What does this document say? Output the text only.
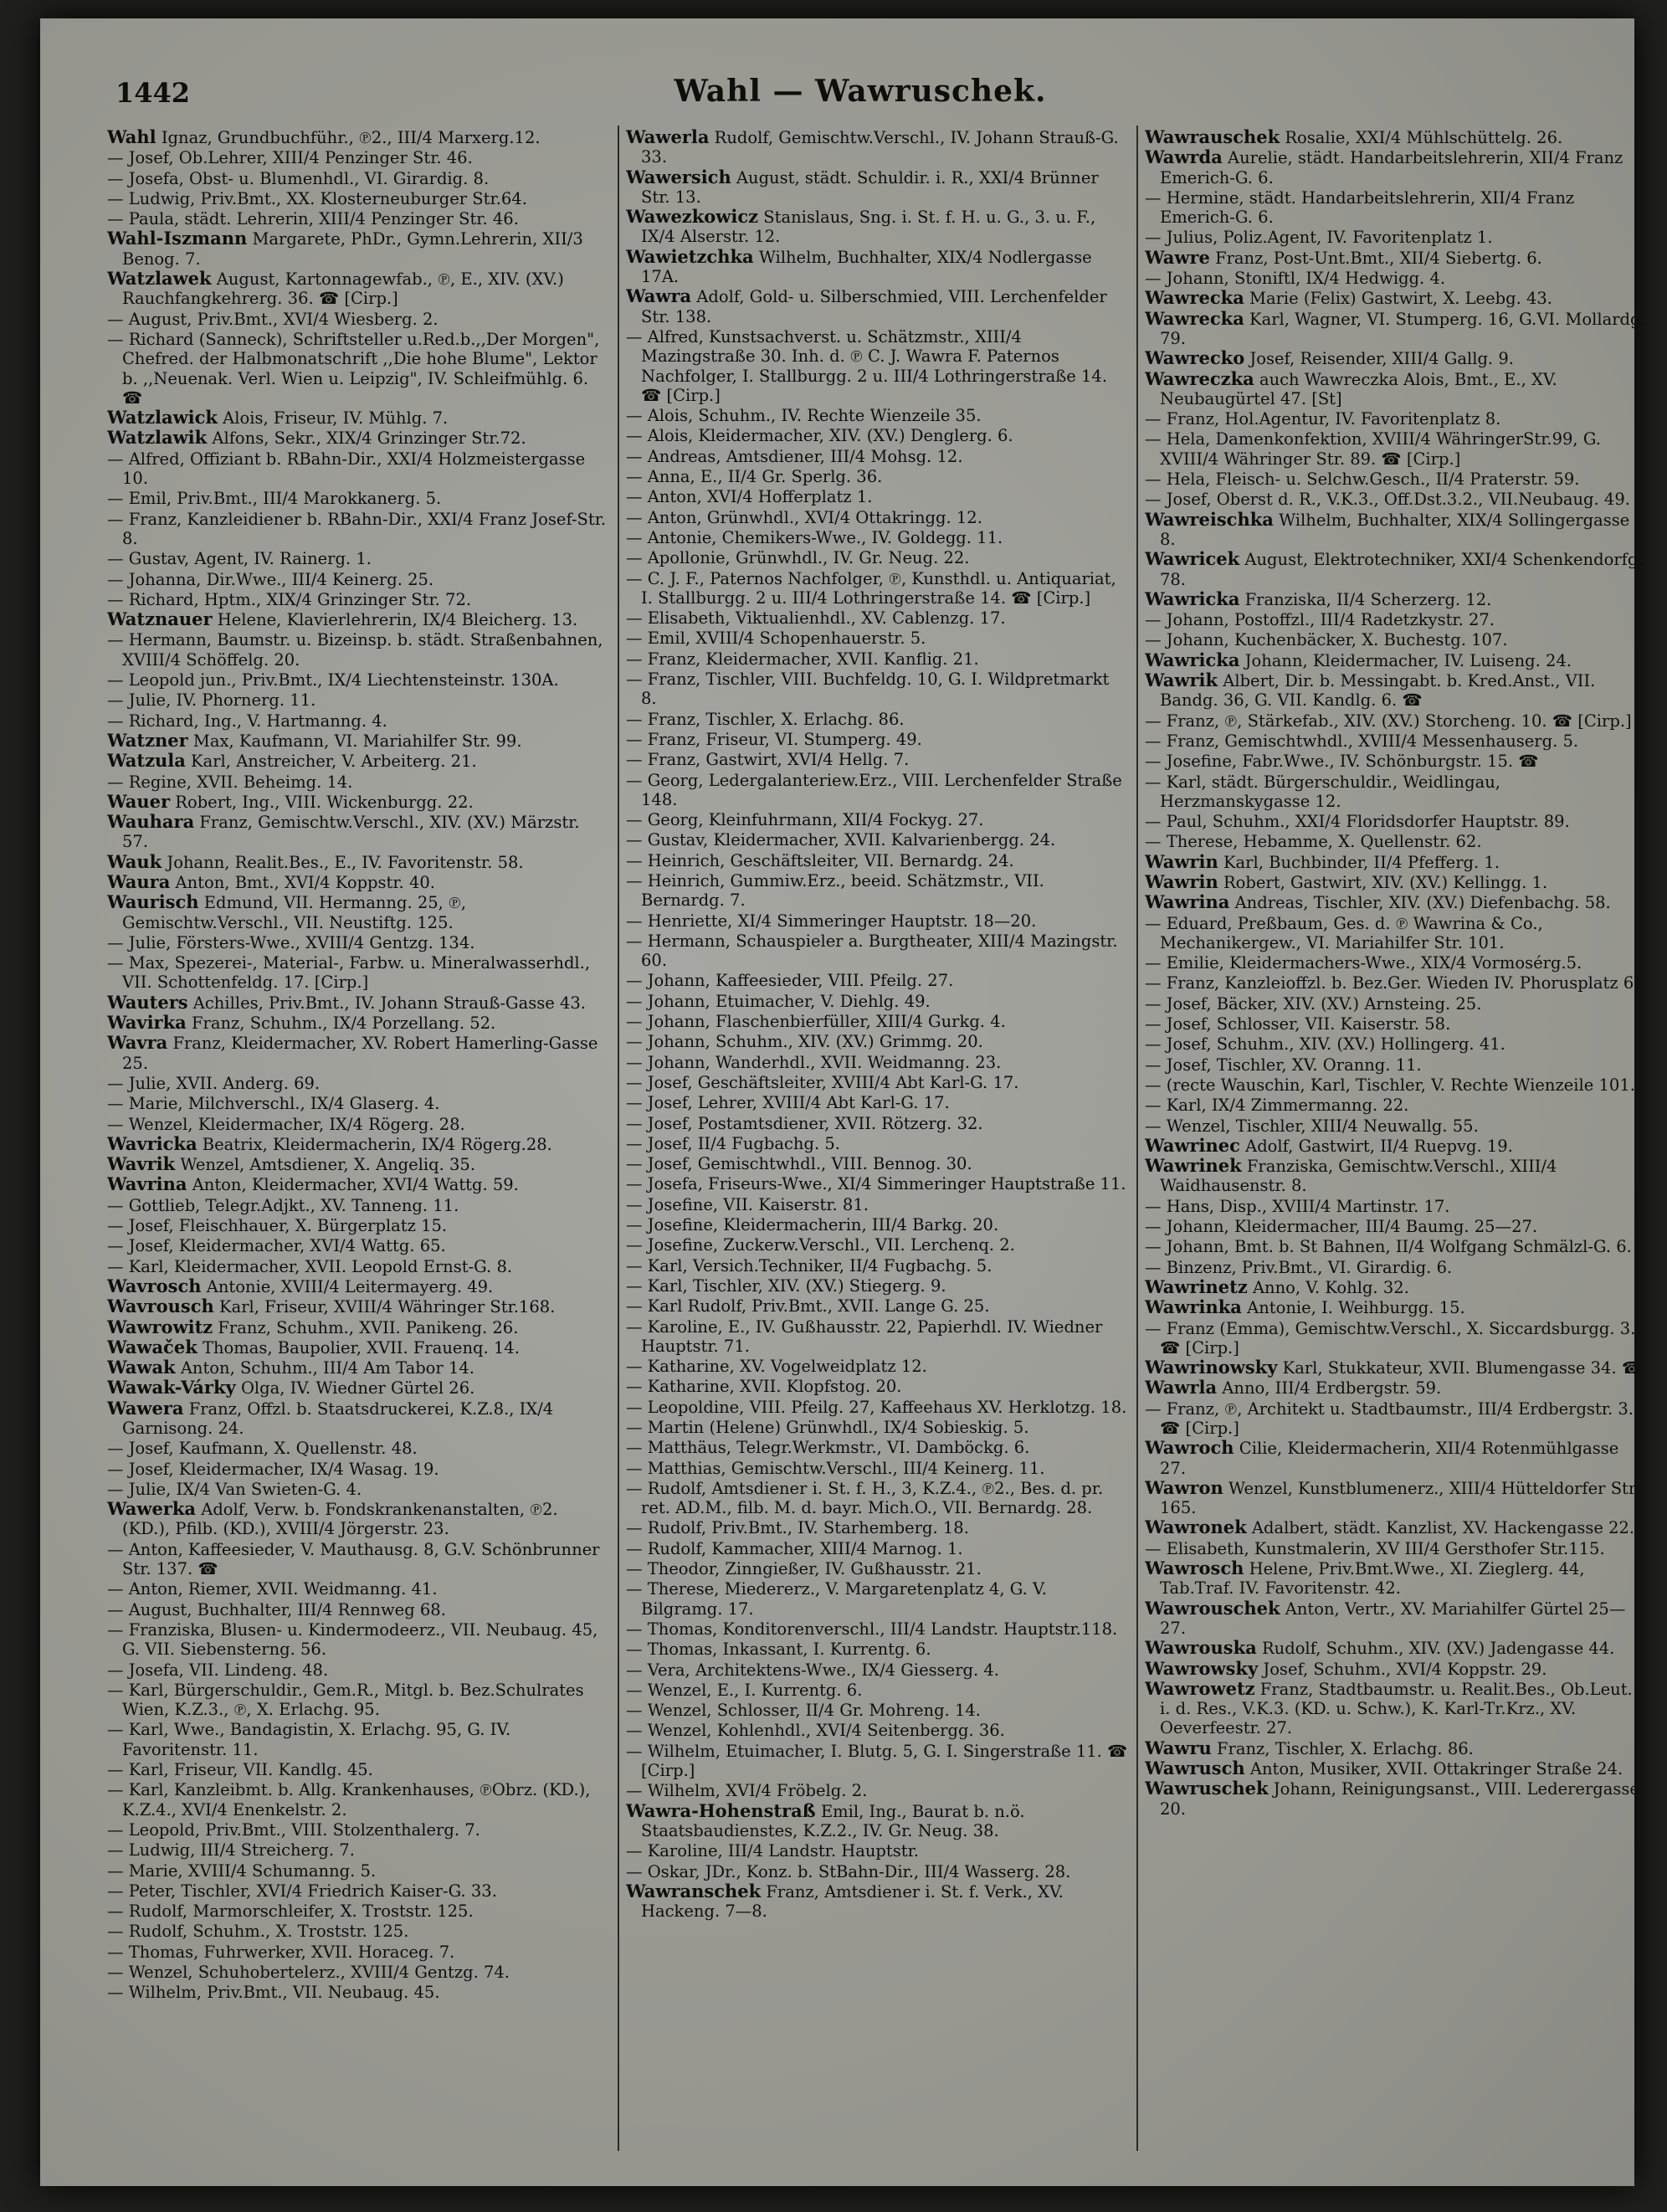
1442	Wahl — Wawruschek.

Wahl Ignaz, Grundbuchführ., ℗2., III/4 Marxerg.12.

— Josef, Ob.Lehrer, XIII/4 Penzinger Str. 46.

— Josefa, Obst- u. Blumenhdl., VI. Girardig. 8.

— Ludwig, Priv.Bmt., XX. Klosterneuburger Str.64.

— Paula, städt. Lehrerin, XIII/4 Penzinger Str. 46.

Wahl-Iszmann Margarete, PhDr., Gymn.Lehrerin, XII/3 Benog. 7.

Watzlawek August, Kartonnagewfab., ℗, E., XIV. (XV.) Rauchfangkehrerg. 36. ☎ [Cirp.]

— August, Priv.Bmt., XVI/4 Wiesberg. 2.

— Richard (Sanneck), Schriftsteller u.Red.b.,,Der Morgen", Chefred. der Halbmonatschrift ,,Die hohe Blume", Lektor b. ,,Neuenak. Verl. Wien u. Leipzig", IV. Schleifmühlg. 6. ☎

Watzlawick Alois, Friseur, IV. Mühlg. 7.

Watzlawik Alfons, Sekr., XIX/4 Grinzinger Str.72.

— Alfred, Offiziant b. RBahn-Dir., XXI/4 Holzmeistergasse 10.

— Emil, Priv.Bmt., III/4 Marokkanerg. 5.

— Franz, Kanzleidiener b. RBahn-Dir., XXI/4 Franz Josef-Str. 8.

— Gustav, Agent, IV. Rainerg. 1.

— Johanna, Dir.Wwe., III/4 Keinerg. 25.

— Richard, Hptm., XIX/4 Grinzinger Str. 72.

Watznauer Helene, Klavierlehrerin, IX/4 Bleicherg. 13.

— Hermann, Baumstr. u. Bizeinsp. b. städt. Straßenbahnen, XVIII/4 Schöffelg. 20.

— Leopold jun., Priv.Bmt., IX/4 Liechtensteinstr. 130A.

— Julie, IV. Phornerg. 11.

— Richard, Ing., V. Hartmanng. 4.

Watzner Max, Kaufmann, VI. Mariahilfer Str. 99.

Watzula Karl, Anstreicher, V. Arbeiterg. 21.

— Regine, XVII. Beheimg. 14.

Wauer Robert, Ing., VIII. Wickenburgg. 22.

Wauhara Franz, Gemischtw.Verschl., XIV. (XV.) Märzstr. 57.

Wauk Johann, Realit.Bes., E., IV. Favoritenstr. 58.

Waura Anton, Bmt., XVI/4 Koppstr. 40.

Waurisch Edmund, VII. Hermanng. 25, ℗, Gemischtw.Verschl., VII. Neustiftg. 125.

— Julie, Försters-Wwe., XVIII/4 Gentzg. 134.

— Max, Spezerei-, Material-, Farbw. u. Mineralwasserhdl., VII. Schottenfeldg. 17. [Cirp.]

Wauters Achilles, Priv.Bmt., IV. Johann Strauß-Gasse 43.

Wavirka Franz, Schuhm., IX/4 Porzellang. 52.

Wavra Franz, Kleidermacher, XV. Robert Hamerling-Gasse 25.

— Julie, XVII. Anderg. 69.

— Marie, Milchverschl., IX/4 Glaserg. 4.

— Wenzel, Kleidermacher, IX/4 Rögerg. 28.

Wavricka Beatrix, Kleidermacherin, IX/4 Rögerg.28.

Wavrik Wenzel, Amtsdiener, X. Angeliq. 35.

Wavrina Anton, Kleidermacher, XVI/4 Wattg. 59.

— Gottlieb, Telegr.Adjkt., XV. Tanneng. 11.

— Josef, Fleischhauer, X. Bürgerplatz 15.

— Josef, Kleidermacher, XVI/4 Wattg. 65.

— Karl, Kleidermacher, XVII. Leopold Ernst-G. 8.

Wavrosch Antonie, XVIII/4 Leitermayerg. 49.

Wavrousch Karl, Friseur, XVIII/4 Währinger Str.168.

Wawrowitz Franz, Schuhm., XVII. Panikeng. 26.

Wawaček Thomas, Baupolier, XVII. Frauenq. 14.

Wawak Anton, Schuhm., III/4 Am Tabor 14.

Wawak-Várky Olga, IV. Wiedner Gürtel 26.

Wawera Franz, Offzl. b. Staatsdruckerei, K.Z.8., IX/4 Garnisong. 24.

— Josef, Kaufmann, X. Quellenstr. 48.

— Josef, Kleidermacher, IX/4 Wasag. 19.

— Julie, IX/4 Van Swieten-G. 4.

Wawerka Adolf, Verw. b. Fondskrankenanstalten, ℗2. (KD.), Pfilb. (KD.), XVIII/4 Jörgerstr. 23.

— Anton, Kaffeesieder, V. Mauthausg. 8, G.V. Schönbrunner Str. 137. ☎

— Anton, Riemer, XVII. Weidmanng. 41.

— August, Buchhalter, III/4 Rennweg 68.

— Franziska, Blusen- u. Kindermodeerz., VII. Neubaug. 45, G. VII. Siebensterng. 56.

— Josefa, VII. Lindeng. 48.

— Karl, Bürgerschuldir., Gem.R., Mitgl. b. Bez.Schulrates Wien, K.Z.3., ℗, X. Erlachg. 95.

— Karl, Wwe., Bandagistin, X. Erlachg. 95, G. IV. Favoritenstr. 11.

— Karl, Friseur, VII. Kandlg. 45.

— Karl, Kanzleibmt. b. Allg. Krankenhauses, ℗Obrz. (KD.), K.Z.4., XVI/4 Enenkelstr. 2.

— Leopold, Priv.Bmt., VIII. Stolzenthalerg. 7.

— Ludwig, III/4 Streicherg. 7.

— Marie, XVIII/4 Schumanng. 5.

— Peter, Tischler, XVI/4 Friedrich Kaiser-G. 33.

— Rudolf, Marmorschleifer, X. Troststr. 125.

— Rudolf, Schuhm., X. Troststr. 125.

— Thomas, Fuhrwerker, XVII. Horaceg. 7.

— Wenzel, Schuhobertelerz., XVIII/4 Gentzg. 74.

— Wilhelm, Priv.Bmt., VII. Neubaug. 45.

Wawerla Rudolf, Gemischtw.Verschl., IV. Johann Strauß-G. 33.

Wawersich August, städt. Schuldir. i. R., XXI/4 Brünner Str. 13.

Wawezkowicz Stanislaus, Sng. i. St. f. H. u. G., 3. u. F., IX/4 Alserstr. 12.

Wawietzchka Wilhelm, Buchhalter, XIX/4 Nodlergasse 17A.

Wawra Adolf, Gold- u. Silberschmied, VIII. Lerchenfelder Str. 138.

— Alfred, Kunstsachverst. u. Schätzmstr., XIII/4 Mazingstraße 30. Inh. d. ℗ C. J. Wawra F. Paternos Nachfolger, I. Stallburgg. 2 u. III/4 Lothringerstraße 14. ☎ [Cirp.]

— Alois, Schuhm., IV. Rechte Wienzeile 35.

— Alois, Kleidermacher, XIV. (XV.) Denglerg. 6.

— Andreas, Amtsdiener, III/4 Mohsg. 12.

— Anna, E., II/4 Gr. Sperlg. 36.

— Anton, XVI/4 Hofferplatz 1.

— Anton, Grünwhdl., XVI/4 Ottakringg. 12.

— Antonie, Chemikers-Wwe., IV. Goldegg. 11.

— Apollonie, Grünwhdl., IV. Gr. Neug. 22.

— C. J. F., Paternos Nachfolger, ℗, Kunsthdl. u. Antiquariat, I. Stallburgg. 2 u. III/4 Lothringerstraße 14. ☎ [Cirp.]

— Elisabeth, Viktualienhdl., XV. Cablenzg. 17.

— Emil, XVIII/4 Schopenhauerstr. 5.

— Franz, Kleidermacher, XVII. Kanflig. 21.

— Franz, Tischler, VIII. Buchfeldg. 10, G. I. Wildpretmarkt 8.

— Franz, Tischler, X. Erlachg. 86.

— Franz, Friseur, VI. Stumperg. 49.

— Franz, Gastwirt, XVI/4 Hellg. 7.

— Georg, Ledergalanteriew.Erz., VIII. Lerchenfelder Straße 148.

— Georg, Kleinfuhrmann, XII/4 Fockyg. 27.

— Gustav, Kleidermacher, XVII. Kalvarienbergg. 24.

— Heinrich, Geschäftsleiter, VII. Bernardg. 24.

— Heinrich, Gummiw.Erz., beeid. Schätzmstr., VII. Bernardg. 7.

— Henriette, XI/4 Simmeringer Hauptstr. 18—20.

— Hermann, Schauspieler a. Burgtheater, XIII/4 Mazingstr. 60.

— Johann, Kaffeesieder, VIII. Pfeilg. 27.

— Johann, Etuimacher, V. Diehlg. 49.

— Johann, Flaschenbierfüller, XIII/4 Gurkg. 4.

— Johann, Schuhm., XIV. (XV.) Grimmg. 20.

— Johann, Wanderhdl., XVII. Weidmanng. 23.

— Josef, Geschäftsleiter, XVIII/4 Abt Karl-G. 17.

— Josef, Lehrer, XVIII/4 Abt Karl-G. 17.

— Josef, Postamtsdiener, XVII. Rötzerg. 32.

— Josef, II/4 Fugbachg. 5.

— Josef, Gemischtwhdl., VIII. Bennog. 30.

— Josefa, Friseurs-Wwe., XI/4 Simmeringer Hauptstraße 11.

— Josefine, VII. Kaiserstr. 81.

— Josefine, Kleidermacherin, III/4 Barkg. 20.

— Josefine, Zuckerw.Verschl., VII. Lerchenq. 2.

— Karl, Versich.Techniker, II/4 Fugbachg. 5.

— Karl, Tischler, XIV. (XV.) Stiegerg. 9.

— Karl Rudolf, Priv.Bmt., XVII. Lange G. 25.

— Karoline, E., IV. Gußhausstr. 22, Papierhdl. IV. Wiedner Hauptstr. 71.

— Katharine, XV. Vogelweidplatz 12.

— Katharine, XVII. Klopfstog. 20.

— Leopoldine, VIII. Pfeilg. 27, Kaffeehaus XV. Herklotzg. 18.

— Martin (Helene) Grünwhdl., IX/4 Sobieskig. 5.

— Matthäus, Telegr.Werkmstr., VI. Damböckg. 6.

— Matthias, Gemischtw.Verschl., III/4 Keinerg. 11.

— Rudolf, Amtsdiener i. St. f. H., 3, K.Z.4., ℗2., Bes. d. pr. ret. AD.M., filb. M. d. bayr. Mich.O., VII. Bernardg. 28.

— Rudolf, Priv.Bmt., IV. Starhemberg. 18.

— Rudolf, Kammacher, XIII/4 Marnog. 1.

— Theodor, Zinngießer, IV. Gußhausstr. 21.

— Therese, Miedererz., V. Margaretenplatz 4, G. V. Bilgramg. 17.

— Thomas, Konditorenverschl., III/4 Landstr. Hauptstr.118.

— Thomas, Inkassant, I. Kurrentg. 6.

— Vera, Architektens-Wwe., IX/4 Giesserg. 4.

— Wenzel, E., I. Kurrentg. 6.

— Wenzel, Schlosser, II/4 Gr. Mohreng. 14.

— Wenzel, Kohlenhdl., XVI/4 Seitenbergg. 36.

— Wilhelm, Etuimacher, I. Blutg. 5, G. I. Singerstraße 11. ☎ [Cirp.]

— Wilhelm, XVI/4 Fröbelg. 2.

Wawra-Hohenstraß Emil, Ing., Baurat b. n.ö. Staatsbaudienstes, K.Z.2., IV. Gr. Neug. 38.

— Karoline, III/4 Landstr. Hauptstr.

— Oskar, JDr., Konz. b. StBahn-Dir., III/4 Wasserg. 28.

Wawranschek Franz, Amtsdiener i. St. f. Verk., XV. Hackeng. 7—8.

Wawrauschek Rosalie, XXI/4 Mühlschüttelg. 26.

Wawrda Aurelie, städt. Handarbeitslehrerin, XII/4 Franz Emerich-G. 6.

— Hermine, städt. Handarbeitslehrerin, XII/4 Franz Emerich-G. 6.

— Julius, Poliz.Agent, IV. Favoritenplatz 1.

Wawre Franz, Post-Unt.Bmt., XII/4 Siebertg. 6.

— Johann, Stoniftl, IX/4 Hedwigg. 4.

Wawrecka Marie (Felix) Gastwirt, X. Leebg. 43.

Wawrecka Karl, Wagner, VI. Stumperg. 16, G.VI. Mollardg. 79.

Wawrecko Josef, Reisender, XIII/4 Gallg. 9.

Wawreczka auch Wawreczka Alois, Bmt., E., XV. Neubaugürtel 47. [St]

— Franz, Hol.Agentur, IV. Favoritenplatz 8.

— Hela, Damenkonfektion, XVIII/4 WähringerStr.99, G. XVIII/4 Währinger Str. 89. ☎ [Cirp.]

— Hela, Fleisch- u. Selchw.Gesch., II/4 Praterstr. 59.

— Josef, Oberst d. R., V.K.3., Off.Dst.3.2., VII.Neubaug. 49.

Wawreischka Wilhelm, Buchhalter, XIX/4 Sollingergasse 8.

Wawricek August, Elektrotechniker, XXI/4 Schenkendorfg. 78.

Wawricka Franziska, II/4 Scherzerg. 12.

— Johann, Postoffzl., III/4 Radetzkystr. 27.

— Johann, Kuchenbäcker, X. Buchestg. 107.

Wawricka Johann, Kleidermacher, IV. Luiseng. 24.

Wawrik Albert, Dir. b. Messingabt. b. Kred.Anst., VII. Bandg. 36, G. VII. Kandlg. 6. ☎

— Franz, ℗, Stärkefab., XIV. (XV.) Storcheng. 10. ☎ [Cirp.]

— Franz, Gemischtwhdl., XVIII/4 Messenhauserg. 5.

— Josefine, Fabr.Wwe., IV. Schönburgstr. 15. ☎

— Karl, städt. Bürgerschuldir., Weidlingau, Herzmanskygasse 12.

— Paul, Schuhm., XXI/4 Floridsdorfer Hauptstr. 89.

— Therese, Hebamme, X. Quellenstr. 62.

Wawrin Karl, Buchbinder, II/4 Pfefferg. 1.

Wawrin Robert, Gastwirt, XIV. (XV.) Kellingg. 1.

Wawrina Andreas, Tischler, XIV. (XV.) Diefenbachg. 58.

— Eduard, Preßbaum, Ges. d. ℗ Wawrina & Co., Mechanikergew., VI. Mariahilfer Str. 101.

— Emilie, Kleidermachers-Wwe., XIX/4 Vormosérg.5.

— Franz, Kanzleioffzl. b. Bez.Ger. Wieden IV. Phorusplatz 6.

— Josef, Bäcker, XIV. (XV.) Arnsteing. 25.

— Josef, Schlosser, VII. Kaiserstr. 58.

— Josef, Schuhm., XIV. (XV.) Hollingerg. 41.

— Josef, Tischler, XV. Oranng. 11.

— (recte Wauschin, Karl, Tischler, V. Rechte Wienzeile 101.

— Karl, IX/4 Zimmermanng. 22.

— Wenzel, Tischler, XIII/4 Neuwallg. 55.

Wawrinec Adolf, Gastwirt, II/4 Ruepvg. 19.

Wawrinek Franziska, Gemischtw.Verschl., XIII/4 Waidhausenstr. 8.

— Hans, Disp., XVIII/4 Martinstr. 17.

— Johann, Kleidermacher, III/4 Baumg. 25—27.

— Johann, Bmt. b. St Bahnen, II/4 Wolfgang Schmälzl-G. 6.

— Binzenz, Priv.Bmt., VI. Girardig. 6.

Wawrinetz Anno, V. Kohlg. 32.

Wawrinka Antonie, I. Weihburgg. 15.

— Franz (Emma), Gemischtw.Verschl., X. Siccardsburgg. 3. ☎ [Cirp.]

Wawrinowsky Karl, Stukkateur, XVII. Blumengasse 34. ☎

Wawrla Anno, III/4 Erdbergstr. 59.

— Franz, ℗, Architekt u. Stadtbaumstr., III/4 Erdbergstr. 3. ☎ [Cirp.]

Wawroch Cilie, Kleidermacherin, XII/4 Rotenmühlgasse 27.

Wawron Wenzel, Kunstblumenerz., XIII/4 Hütteldorfer Str. 165.

Wawronek Adalbert, städt. Kanzlist, XV. Hackengasse 22.

— Elisabeth, Kunstmalerin, XV III/4 Gersthofer Str.115.

Wawrosch Helene, Priv.Bmt.Wwe., XI. Zieglerg. 44, Tab.Traf. IV. Favoritenstr. 42.

Wawrouschek Anton, Vertr., XV. Mariahilfer Gürtel 25—27.

Wawrouska Rudolf, Schuhm., XIV. (XV.) Jadengasse 44.

Wawrowsky Josef, Schuhm., XVI/4 Koppstr. 29.

Wawrowetz Franz, Stadtbaumstr. u. Realit.Bes., Ob.Leut. i. d. Res., V.K.3. (KD. u. Schw.), K. Karl-Tr.Krz., XV. Oeverfeestr. 27.

Wawru Franz, Tischler, X. Erlachg. 86.

Wawrusch Anton, Musiker, XVII. Ottakringer Straße 24.

Wawruschek Johann, Reinigungsanst., VIII. Lederergasse 20.
